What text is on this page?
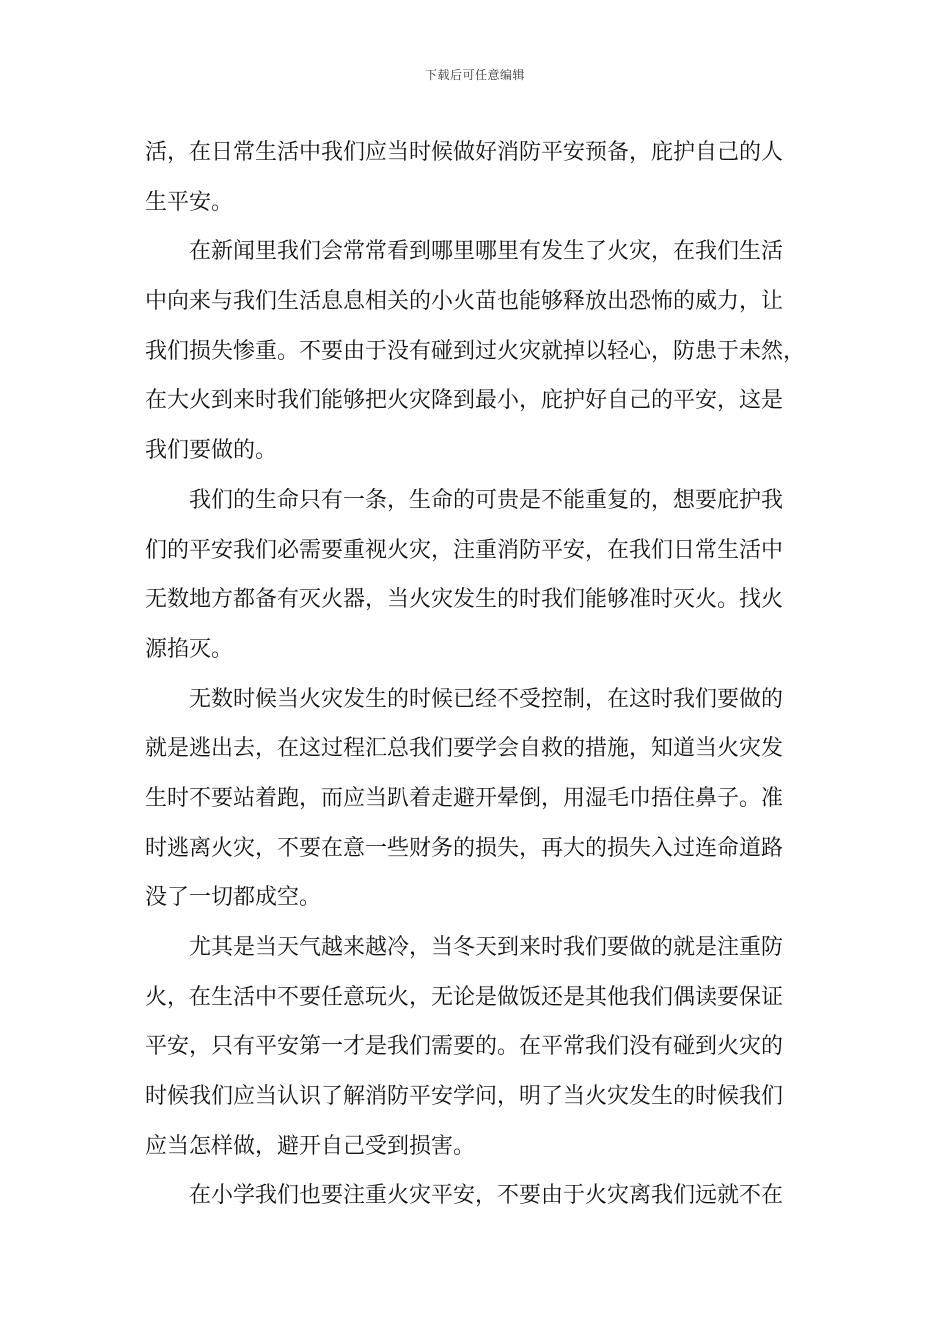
下载后可任意编辑
活，在日常生活中我们应当时候做好消防平安预备，庇护自己的人
生平安。
在新闻里我们会常常看到哪里哪里有发生了火灾，在我们生活
中向来与我们生活息息相关的小火苗也能够释放出恐怖的威力，让
我们损失惨重。不要由于没有碰到过火灾就掉以轻心，防患于未然，
在大火到来时我们能够把火灾降到最小，庇护好自己的平安，这是
我们要做的。
我们的生命只有一条，生命的可贵是不能重复的，想要庇护我
们的平安我们必需要重视火灾，注重消防平安，在我们日常生活中
无数地方都备有灭火器，当火灾发生的时我们能够准时灭火。找火
源掐灭。
无数时候当火灾发生的时候已经不受控制，在这时我们要做的
就是逃出去，在这过程汇总我们要学会自救的措施，知道当火灾发
生时不要站着跑，而应当趴着走避开晕倒，用湿毛巾捂住鼻子。准
时逃离火灾，不要在意一些财务的损失，再大的损失入过连命道路
没了一切都成空。
尤其是当天气越来越冷，当冬天到来时我们要做的就是注重防
火，在生活中不要任意玩火，无论是做饭还是其他我们偶读要保证
平安，只有平安第一才是我们需要的。在平常我们没有碰到火灾的
时候我们应当认识了解消防平安学问，明了当火灾发生的时候我们
应当怎样做，避开自己受到损害。
在小学我们也要注重火灾平安，不要由于火灾离我们远就不在
